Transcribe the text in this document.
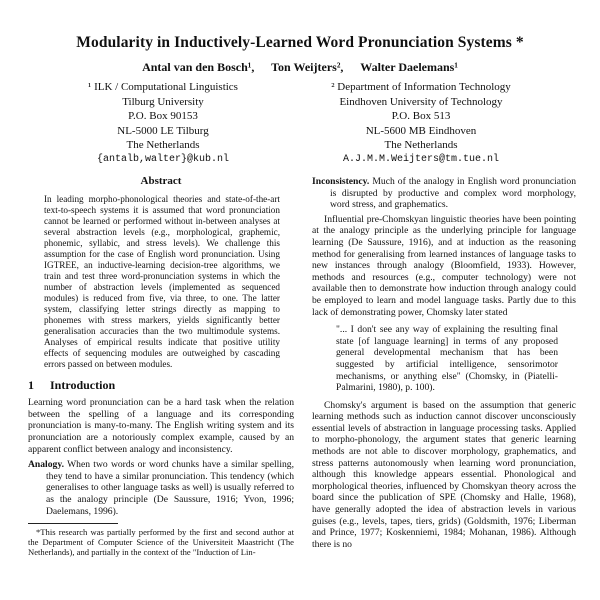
Modularity in Inductively-Learned Word Pronunciation Systems *
Antal van den Bosch¹, Ton Weijters², Walter Daelemans¹
¹ ILK / Computational Linguistics
Tilburg University
P.O. Box 90153
NL-5000 LE Tilburg
The Netherlands
{antalb,walter}@kub.nl
² Department of Information Technology
Eindhoven University of Technology
P.O. Box 513
NL-5600 MB Eindhoven
The Netherlands
A.J.M.M.Weijters@tm.tue.nl
Abstract

In leading morpho-phonological theories and state-of-the-art text-to-speech systems it is assumed that word pronunciation cannot be learned or performed without in-between analyses at several abstraction levels (e.g., morphological, graphemic, phonemic, syllabic, and stress levels). We challenge this assumption for the case of English word pronunciation. Using IGTREE, an inductive-learning decision-tree algorithms, we train and test three word-pronunciation systems in which the number of abstraction levels (implemented as sequenced modules) is reduced from five, via three, to one. The latter system, classifying letter strings directly as mapping to phonemes with stress markers, yields significantly better generalisation accuracies than the two multimodule systems. Analyses of empirical results indicate that positive utility effects of sequencing modules are outweighed by cascading errors passed on between modules.

1 Introduction

Learning word pronunciation can be a hard task when the relation between the spelling of a language and its corresponding pronunciation is many-to-many. The English writing system and its pronunciation are a notoriously complex example, caused by an apparent conflict between analogy and inconsistency.

Analogy. When two words or word chunks have a similar spelling, they tend to have a similar pronunciation. This tendency (which generalises to other language tasks as well) is usually referred to as the analogy principle (De Saussure, 1916; Yvon, 1996; Daelemans, 1996).

*This research was partially performed by the first and second author at the Department of Computer Science of the Universiteit Maastricht (The Netherlands), and partially in the context of the "Induction of Lin-

Inconsistency. Much of the analogy in English word pronunciation is disrupted by productive and complex word morphology, word stress, and graphematics.

Influential pre-Chomskyan linguistic theories have been pointing at the analogy principle as the underlying principle for language learning (De Saussure, 1916), and at induction as the reasoning method for generalising from learned instances of language tasks to new instances through analogy (Bloomfield, 1933). However, methods and resources (e.g., computer technology) were not available then to demonstrate how induction through analogy could be employed to learn and model language tasks. Partly due to this lack of demonstrating power, Chomsky later stated

"... I don't see any way of explaining the resulting final state [of language learning] in terms of any proposed general developmental mechanism that has been suggested by artificial intelligence, sensorimotor mechanisms, or anything else" (Chomsky, in (Piatelli-Palmarini, 1980), p. 100).

Chomsky's argument is based on the assumption that generic learning methods such as induction cannot discover unconsciously essential levels of abstraction in language processing tasks. Applied to morpho-phonology, the argument states that generic learning methods are not able to discover morphology, graphematics, and stress patterns autonomously when learning word pronunciation, although this knowledge appears essential. Phonological and morphological theories, influenced by Chomskyan theory across the board since the publication of SPE (Chomsky and Halle, 1968), have generally adopted the idea of abstraction levels in various guises (e.g., levels, tapes, tiers, grids) (Goldsmith, 1976; Liberman and Prince, 1977; Koskenniemi, 1984; Mohanan, 1986). Although there is no
